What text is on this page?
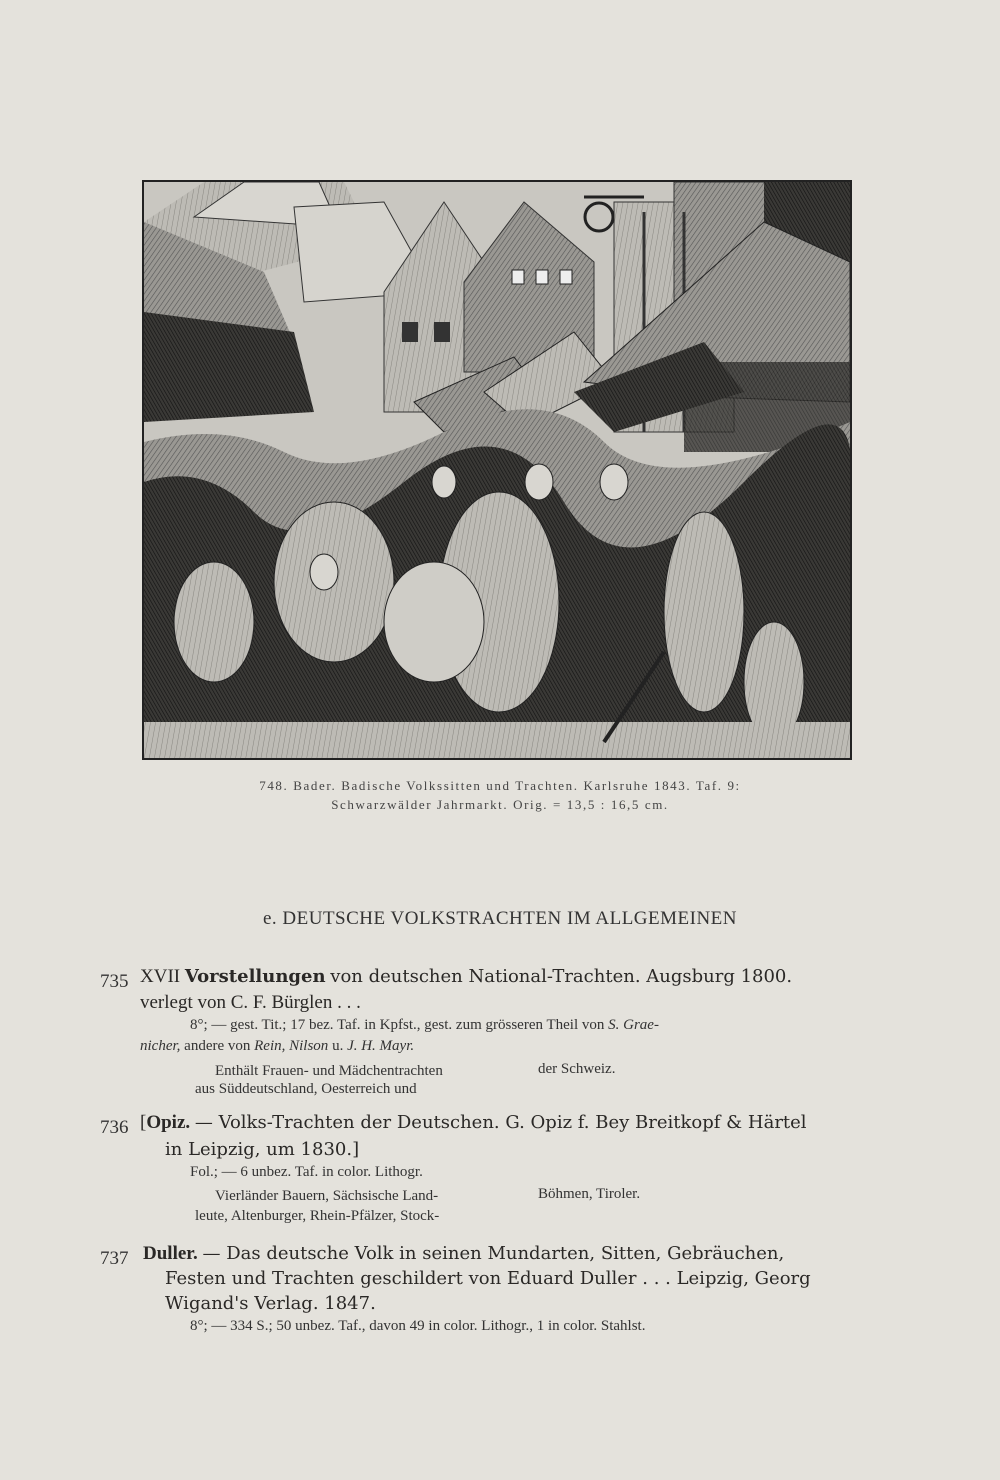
748. Bader. Badische Volkssitten und Trachten. Karlsruhe 1843. Taf. 9:
Schwarzwälder Jahrmarkt. Orig. = 13,5 : 16,5 cm.
e. DEUTSCHE VOLKSTRACHTEN IM ALLGEMEINEN
735 XVII Vorstellungen von deutschen National-Trachten. Augsburg 1800.
verlegt von C. F. Bürglen . . .
8°; — gest. Tit.; 17 bez. Taf. in Kpfst., gest. zum grösseren Theil von S. Grae-
nicher, andere von Rein, Nilson u. J. H. Mayr.
Enthält Frauen- und Mädchentrachten
aus Süddeutschland, Oesterreich und
der Schweiz.
736 [Opiz. — Volks-Trachten der Deutschen. G. Opiz f. Bey Breitkopf & Härtel
in Leipzig, um 1830.]
Fol.; — 6 unbez. Taf. in color. Lithogr.
Vierländer Bauern, Sächsische Land-
leute, Altenburger, Rhein-Pfälzer, Stock-
Böhmen, Tiroler.
737 Duller. — Das deutsche Volk in seinen Mundarten, Sitten, Gebräuchen,
Festen und Trachten geschildert von Eduard Duller . . . Leipzig, Georg
Wigand's Verlag. 1847.
8°; — 334 S.; 50 unbez. Taf., davon 49 in color. Lithogr., 1 in color. Stahlst.
